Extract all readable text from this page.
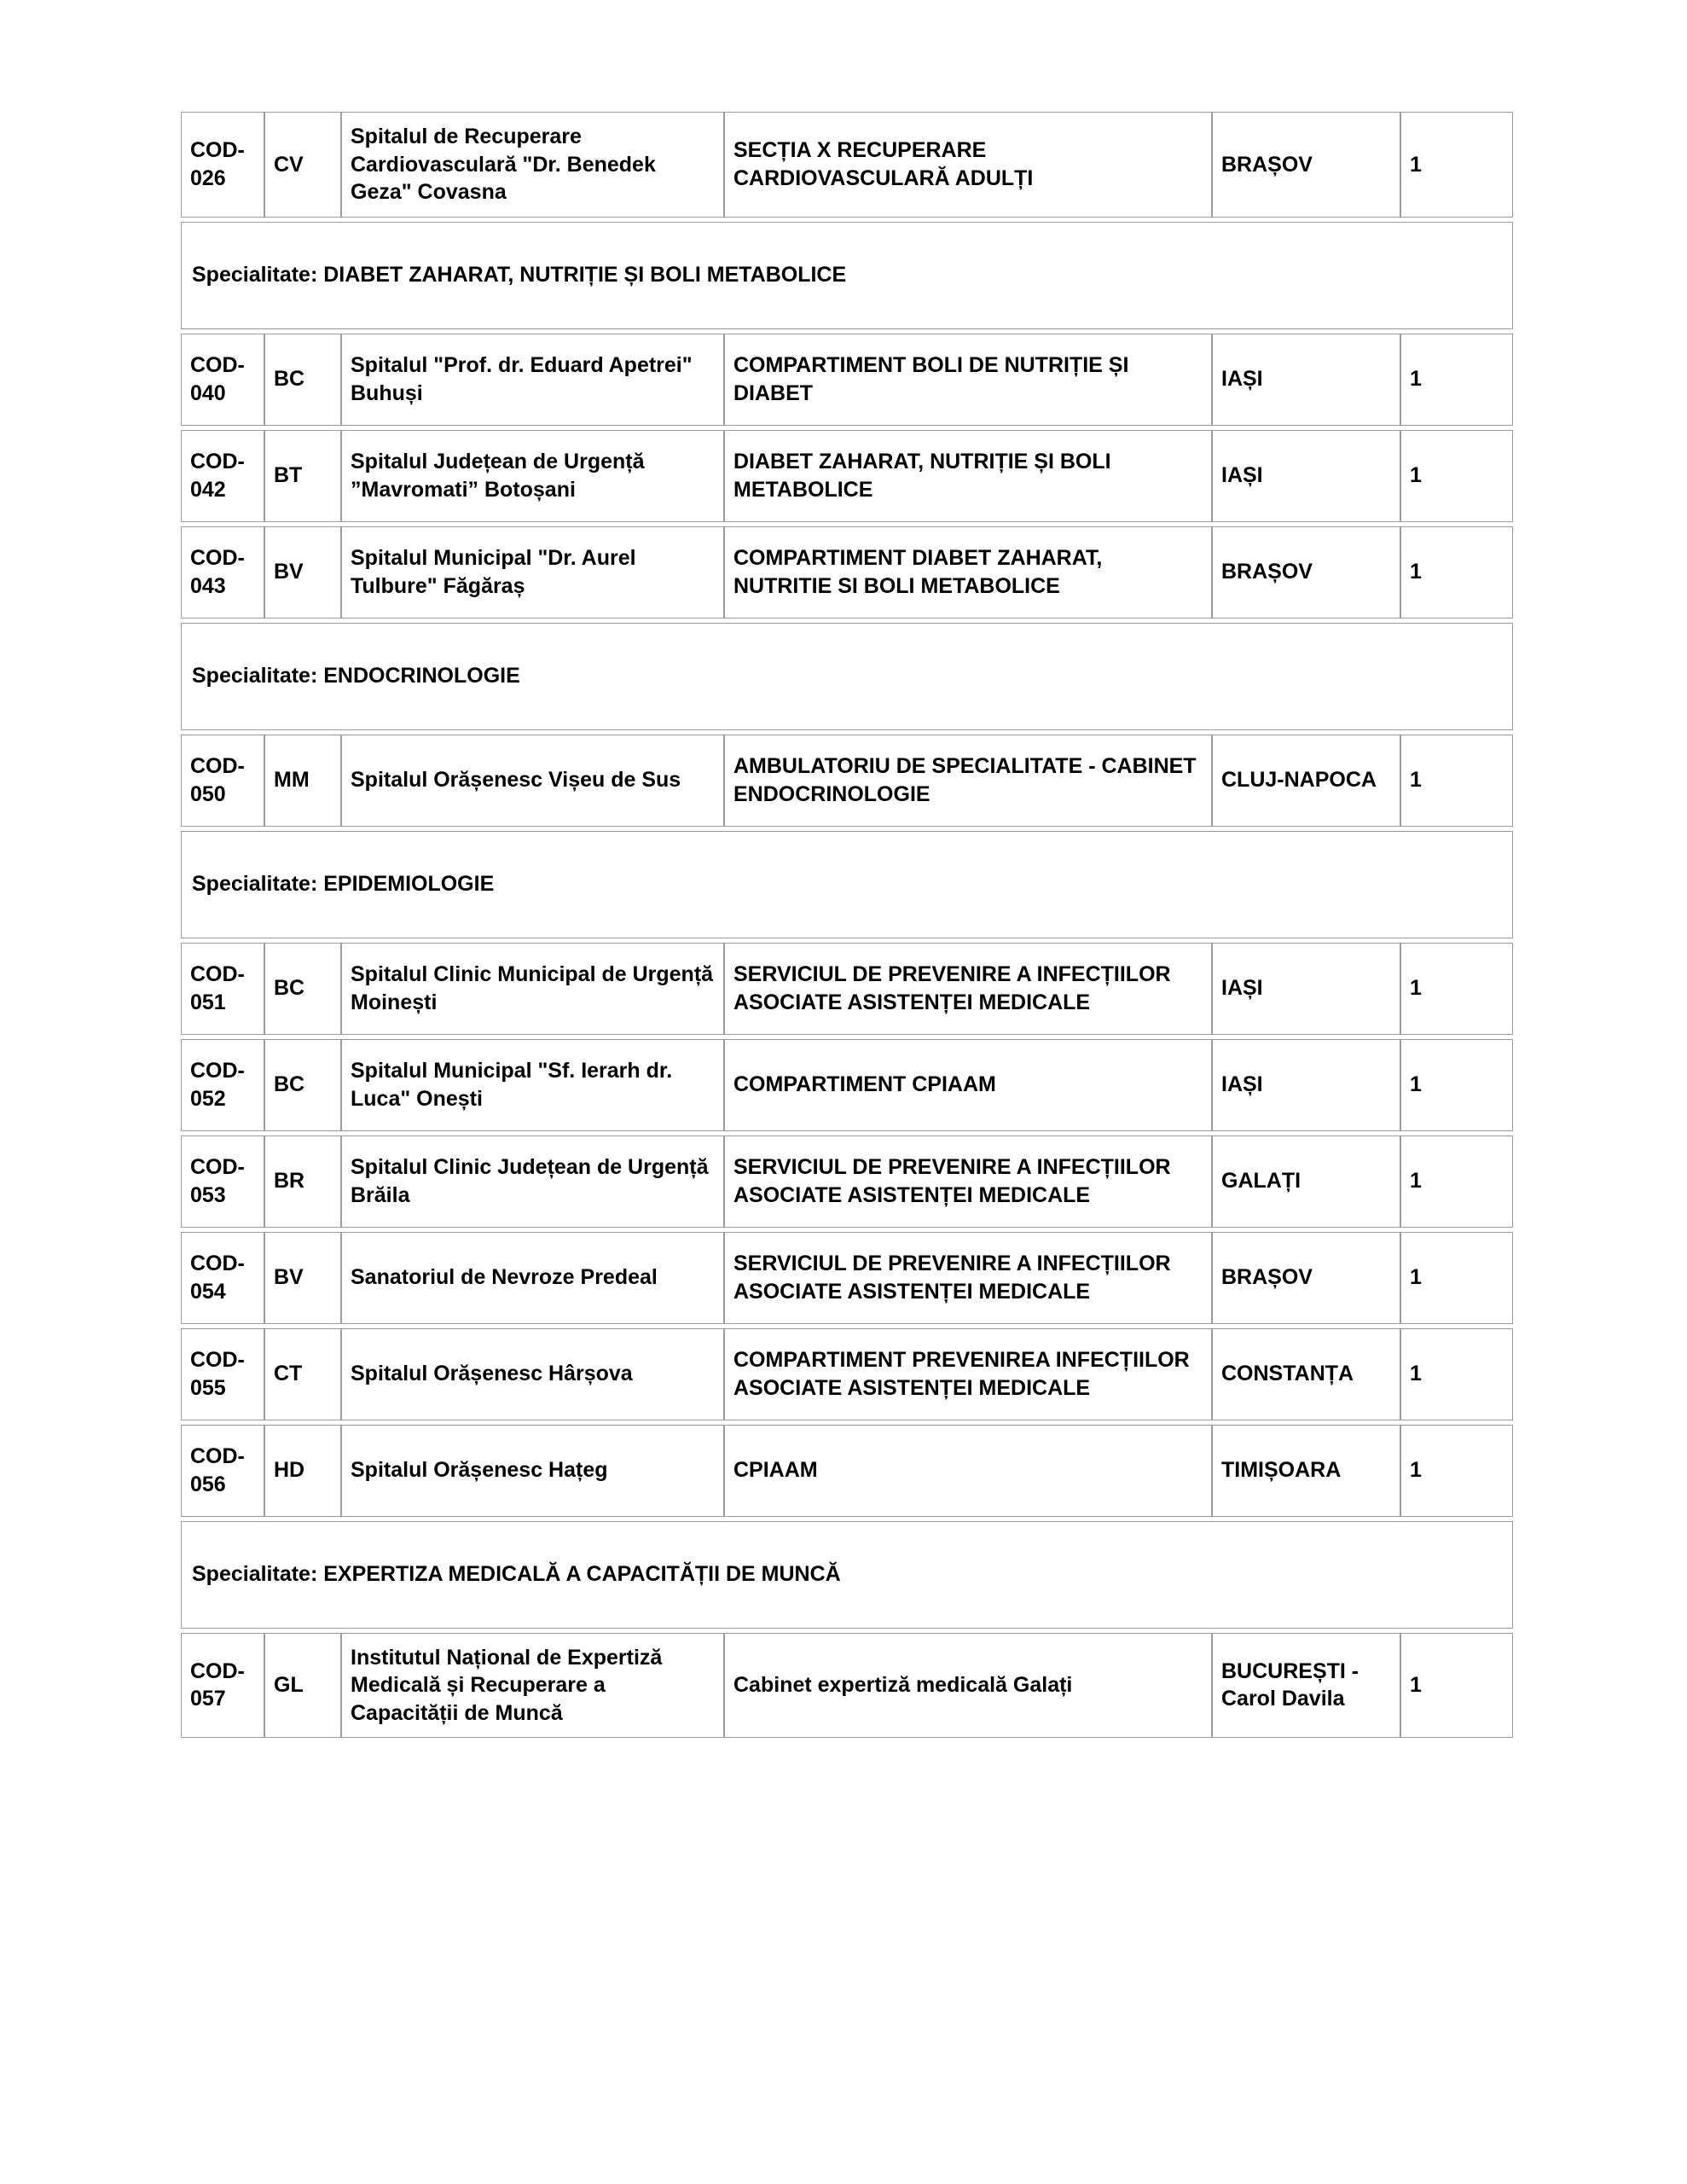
COD-026	CV	Spitalul de Recuperare Cardiovasculară "Dr. Benedek Geza" Covasna	SECȚIA X RECUPERARE CARDIOVASCULARĂ ADULȚI	BRAȘOV	1
Specialitate: DIABET ZAHARAT, NUTRIȚIE ȘI BOLI METABOLICE					
COD-040	BC	Spitalul "Prof. dr. Eduard Apetrei" Buhuși	COMPARTIMENT BOLI DE NUTRIȚIE ȘI DIABET	IAȘI	1
COD-042	BT	Spitalul Județean de Urgență ”Mavromati” Botoșani	DIABET ZAHARAT, NUTRIȚIE ȘI BOLI METABOLICE	IAȘI	1
COD-043	BV	Spitalul Municipal "Dr. Aurel Tulbure" Făgăraș	COMPARTIMENT DIABET ZAHARAT, NUTRITIE SI BOLI METABOLICE	BRAȘOV	1
Specialitate: ENDOCRINOLOGIE					
COD-050	MM	Spitalul Orășenesc Vișeu de Sus	AMBULATORIU DE SPECIALITATE - CABINET ENDOCRINOLOGIE	CLUJ-NAPOCA	1
Specialitate: EPIDEMIOLOGIE					
COD-051	BC	Spitalul Clinic Municipal de Urgență Moinești	SERVICIUL DE PREVENIRE A INFECȚIILOR ASOCIATE ASISTENȚEI MEDICALE	IAȘI	1
COD-052	BC	Spitalul Municipal "Sf. Ierarh dr. Luca" Onești	COMPARTIMENT CPIAAM	IAȘI	1
COD-053	BR	Spitalul Clinic Județean de Urgență Brăila	SERVICIUL DE PREVENIRE A INFECȚIILOR ASOCIATE ASISTENȚEI MEDICALE	GALAȚI	1
COD-054	BV	Sanatoriul de Nevroze Predeal	SERVICIUL DE PREVENIRE A INFECȚIILOR ASOCIATE ASISTENȚEI MEDICALE	BRAȘOV	1
COD-055	CT	Spitalul Orășenesc Hârșova	COMPARTIMENT PREVENIREA INFECȚIILOR ASOCIATE ASISTENȚEI MEDICALE	CONSTANȚA	1
COD-056	HD	Spitalul Orășenesc Hațeg	CPIAAM	TIMIȘOARA	1
Specialitate: EXPERTIZA MEDICALĂ A CAPACITĂȚII DE MUNCĂ					
COD-057	GL	Institutul Național de Expertiză Medicală și Recuperare a Capacității de Muncă	Cabinet expertiză medicală Galați	BUCUREȘTI - Carol Davila	1
